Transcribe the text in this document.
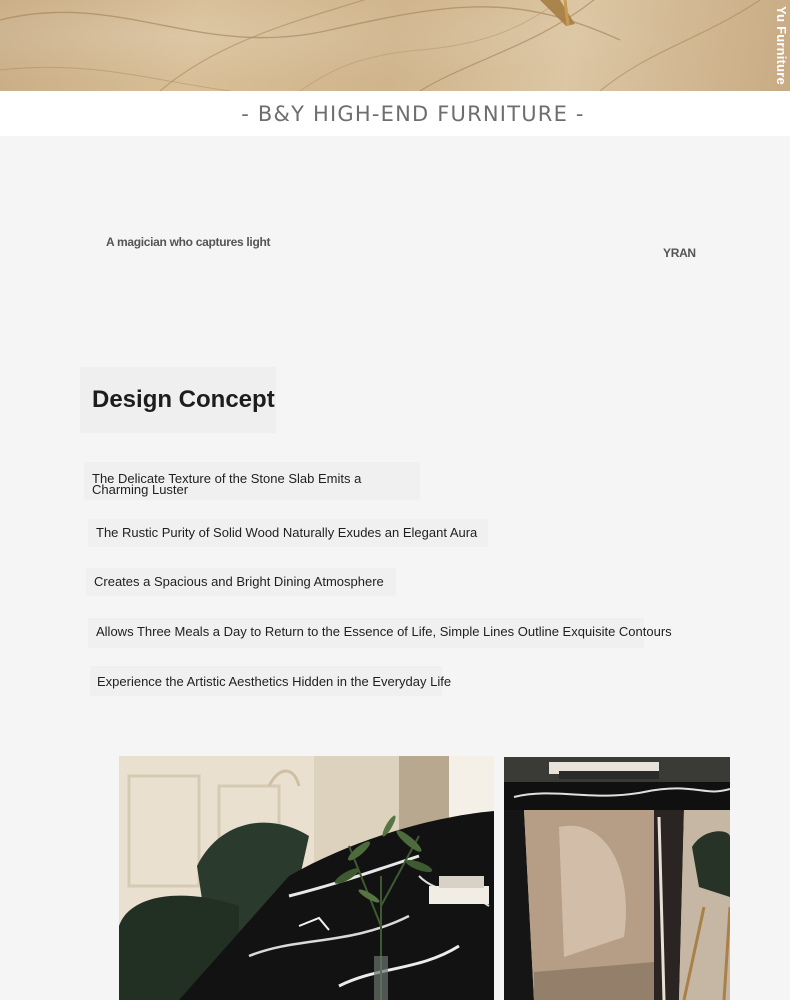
Yu Furniture
- B&Y HIGH-END FURNITURE -
A magician who captures light
YRAN
Design Concept
The Delicate Texture of the Stone Slab Emits a Charming Luster
The Rustic Purity of Solid Wood Naturally Exudes an Elegant Aura
Creates a Spacious and Bright Dining Atmosphere
Allows Three Meals a Day to Return to the Essence of Life, Simple Lines Outline Exquisite Contours
Experience the Artistic Aesthetics Hidden in the Everyday Life
